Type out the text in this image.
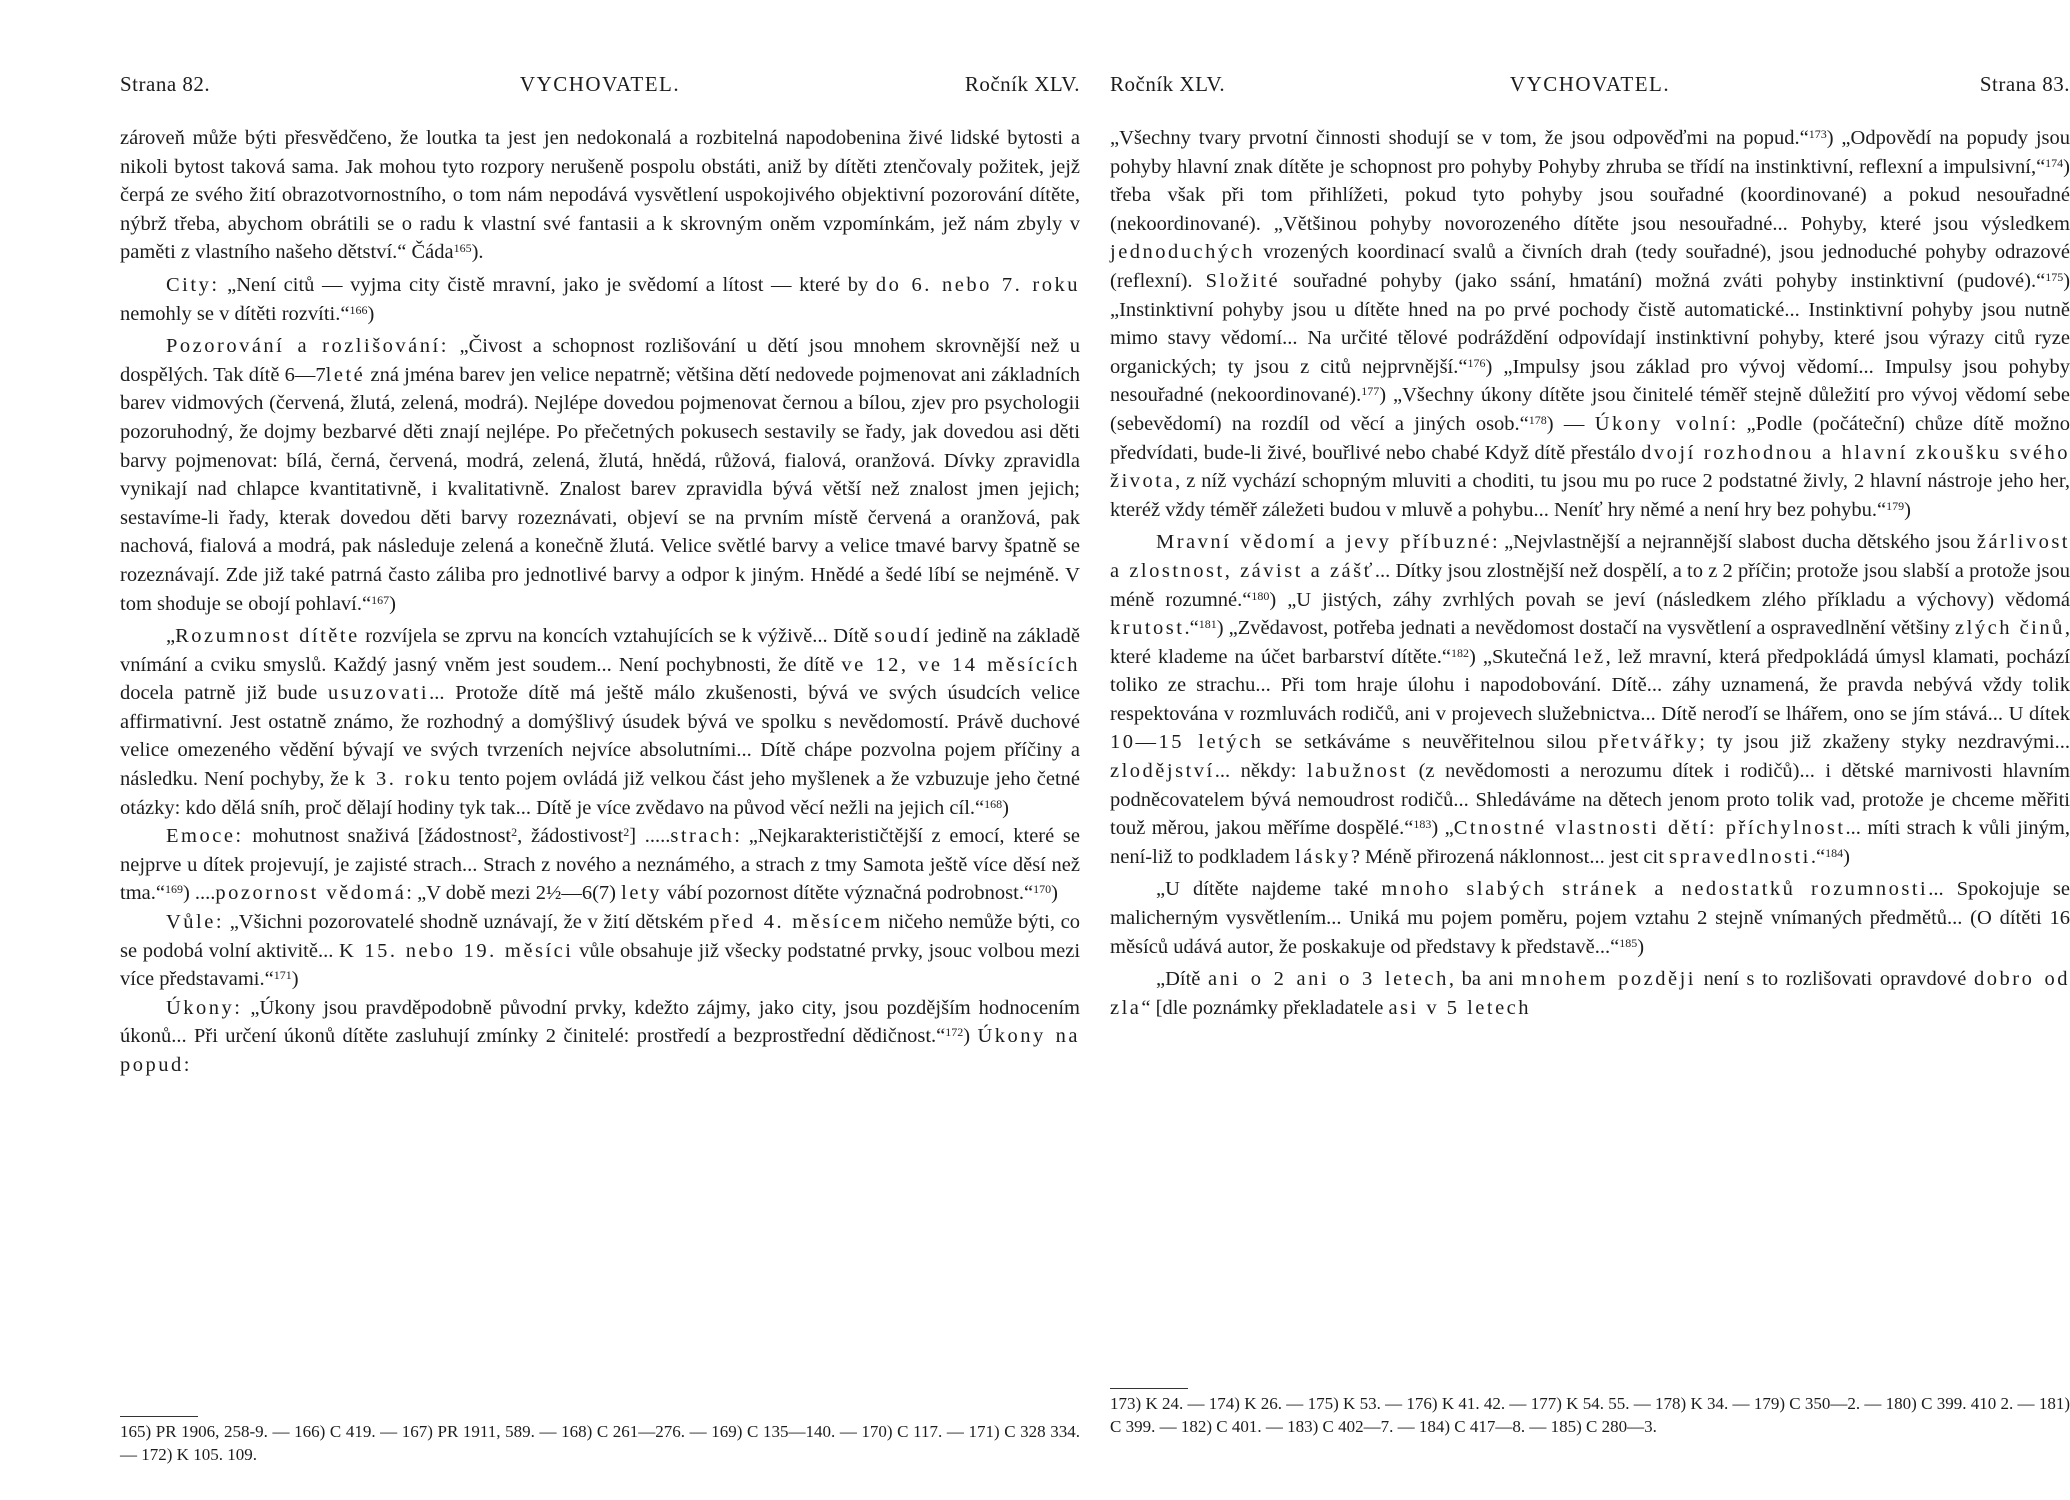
Strana 82.	VYCHOVATEL.	Ročník XLV.

zároveň může býti přesvědčeno, že loutka ta jest jen nedokonalá a rozbitelná napodobenina živé lidské bytosti a nikoli bytost taková sama. Jak mohou tyto rozpory nerušeně pospolu obstáti, aniž by dítěti ztenčovaly požitek, jejž čerpá ze svého žití obrazotvornostního, o tom nám nepodává vysvětlení uspokojivého objektivní pozorování dítěte, nýbrž třeba, abychom obrátili se o radu k vlastní své fantasii a k skrovným oněm vzpomínkám, jež nám zbyly v paměti z vlastního našeho dětství.“ Čáda$^{165}$).

City: „Není citů — vyjma city čistě mravní, jako je svědomí a lítost — které by do 6. nebo 7. roku nemohly se v dítěti rozvíti.“$^{166}$)

Pozorování a rozlišování: „Čivost a schopnost rozlišování u dětí jsou mnohem skrovnější než u dospělých. Tak dítě 6—7leté zná jména barev jen velice nepatrně; většina dětí nedovede pojmenovat ani základních barev vidmových (červená, žlutá, zelená, modrá). Nejlépe dovedou pojmenovat černou a bílou, zjev pro psychologii pozoruhodný, že dojmy bezbarvé děti znají nejlépe. Po přečetných pokusech sestavily se řady, jak dovedou asi děti barvy pojmenovat: bílá, černá, červená, modrá, zelená, žlutá, hnědá, růžová, fialová, oranžová. Dívky zpravidla vynikají nad chlapce kvantitativně, i kvalitativně. Znalost barev zpravidla bývá větší než znalost jmen jejich; sestavíme-li řady, kterak dovedou děti barvy rozeznávati, objeví se na prvním místě červená a oranžová, pak nachová, fialová a modrá, pak následuje zelená a konečně žlutá. Velice světlé barvy a velice tmavé barvy špatně se rozeznávají. Zde již také patrná často záliba pro jednotlivé barvy a odpor k jiným. Hnědé a šedé líbí se nejméně. V tom shoduje se obojí pohlaví.“$^{167}$)

„Rozumnost dítěte rozvíjela se zprvu na koncích vztahujících se k výživě... Dítě soudí jedině na základě vnímání a cviku smyslů. Každý jasný vněm jest soudem... Není pochybnosti, že dítě ve 12, ve 14 měsících docela patrně již bude usuzovati... Protože dítě má ještě málo zkušenosti, bývá ve svých úsudcích velice affirmativní. Jest ostatně známo, že rozhodný a domýšlivý úsudek bývá ve spolku s nevědomostí. Právě duchové velice omezeného vědění bývají ve svých tvrzeních nejvíce absolutními... Dítě chápe pozvolna pojem příčiny a následku. Není pochyby, že k 3. roku tento pojem ovládá již velkou část jeho myšlenek a že vzbuzuje jeho četné otázky: kdo dělá sníh, proč dělají hodiny tyk tak... Dítě je více zvědavo na původ věcí nežli na jejich cíl.“$^{168}$)

Emoce: mohutnost snaživá [žádostnost$^2$, žádostivost$^2$] .....strach: „Nejkarakterističtější z emocí, které se nejprve u dítek projevují, je zajisté strach... Strach z nového a neznámého, a strach z tmy Samota ještě více děsí než tma.“$^{169}$) ....pozornost vědomá: „V době mezi 2½—6(7) lety vábí pozornost dítěte význačná podrobnost.“$^{170}$)

Vůle: „Všichni pozorovatelé shodně uznávají, že v žití dětském před 4. měsícem ničeho nemůže býti, co se podobá volní aktivitě... K 15. nebo 19. měsíci vůle obsahuje již všecky podstatné prvky, jsouc volbou mezi více představami.“$^{171}$)

Úkony: „Úkony jsou pravděpodobně původní prvky, kdežto zájmy, jako city, jsou pozdějším hodnocením úkonů... Při určení úkonů dítěte zasluhují zmínky 2 činitelé: prostředí a bezprostřední dědičnost.“$^{172}$) Úkony na popud:

165) PR 1906, 258-9. — 166) C 419. — 167) PR 1911, 589. — 168) C 261—276. — 169) C 135—140. — 170) C 117. — 171) C 328 334. — 172) K 105. 109.

Ročník XLV.	VYCHOVATEL.	Strana 83.

„Všechny tvary prvotní činnosti shodují se v tom, že jsou odpověďmi na popud.“$^{173}$) „Odpovědí na popudy jsou pohyby hlavní znak dítěte je schopnost pro pohyby Pohyby zhruba se třídí na instinktivní, reflexní a impulsivní,“$^{174}$) třeba však při tom přihlížeti, pokud tyto pohyby jsou souřadné (koordinované) a pokud nesouřadné (nekoordinované). „Většinou pohyby novorozeného dítěte jsou nesouřadné... Pohyby, které jsou výsledkem jednoduchých vrozených koordinací svalů a čivních drah (tedy souřadné), jsou jednoduché pohyby odrazové (reflexní). Složité souřadné pohyby (jako ssání, hmatání) možná zváti pohyby instinktivní (pudové).“$^{175}$) „Instinktivní pohyby jsou u dítěte hned na po prvé pochody čistě automatické... Instinktivní pohyby jsou nutně mimo stavy vědomí... Na určité tělové podráždění odpovídají instinktivní pohyby, které jsou výrazy citů ryze organických; ty jsou z citů nejprvnější.“$^{176}$) „Impulsy jsou základ pro vývoj vědomí... Impulsy jsou pohyby nesouřadné (nekoordinované).$^{177}$) „Všechny úkony dítěte jsou činitelé téměř stejně důležití pro vývoj vědomí sebe (sebevědomí) na rozdíl od věcí a jiných osob.“$^{178}$) — Úkony volní: „Podle (počáteční) chůze dítě možno předvídati, bude-li živé, bouřlivé nebo chabé Když dítě přestálo dvojí rozhodnou a hlavní zkoušku svého života, z níž vychází schopným mluviti a choditi, tu jsou mu po ruce 2 podstatné živly, 2 hlavní nástroje jeho her, kteréž vždy téměř záležeti budou v mluvě a pohybu... Neníť hry němé a není hry bez pohybu.“$^{179}$)

Mravní vědomí a jevy příbuzné: „Nejvlastnější a nejrannější slabost ducha dětského jsou žárlivost a zlostnost, závist a zášť... Dítky jsou zlostnější než dospělí, a to z 2 příčin; protože jsou slabší a protože jsou méně rozumné.“$^{180}$) „U jistých, záhy zvrhlých povah se jeví (následkem zlého příkladu a výchovy) vědomá krutost.“$^{181}$) „Zvědavost, potřeba jednati a nevědomost dostačí na vysvětlení a ospravedlnění většiny zlých činů, které klademe na účet barbarství dítěte.“$^{182}$) „Skutečná lež, lež mravní, která předpokládá úmysl klamati, pochází toliko ze strachu... Při tom hraje úlohu i napodobování. Dítě... záhy uznamená, že pravda nebývá vždy tolik respektována v rozmluvách rodičů, ani v projevech služebnictva... Dítě neroďí se lhářem, ono se jím stává... U dítek 10—15 letých se setkáváme s neuvěřitelnou silou přetvářky; ty jsou již zkaženy styky nezdravými... zlodějství... někdy: labužnost (z nevědomosti a nerozumu dítek i rodičů)... i dětské marnivosti hlavním podněcovatelem bývá nemoudrost rodičů... Shledáváme na dětech jenom proto tolik vad, protože je chceme měřiti touž měrou, jakou měříme dospělé.“$^{183}$) „Ctnostné vlastnosti dětí: příchylnost... míti strach k vůli jiným, není-liž to podkladem lásky? Méně přirozená náklonnost... jest cit spravedlnosti.“$^{184}$)

„U dítěte najdeme také mnoho slabých stránek a nedostatků rozumnosti... Spokojuje se malicherným vysvětlením... Uniká mu pojem poměru, pojem vztahu 2 stejně vnímaných předmětů... (O dítěti 16 měsíců udává autor, že poskakuje od představy k představě...“$^{185}$)

„Dítě ani o 2 ani o 3 letech, ba ani mnohem později není s to rozlišovati opravdové dobro od zla“ [dle poznámky překladatele asi v 5 letech

173) K 24. — 174) K 26. — 175) K 53. — 176) K 41. 42. — 177) K 54. 55. — 178) K 34. — 179) C 350—2. — 180) C 399. 410 2. — 181) C 399. — 182) C 401. — 183) C 402—7. — 184) C 417—8. — 185) C 280—3.
